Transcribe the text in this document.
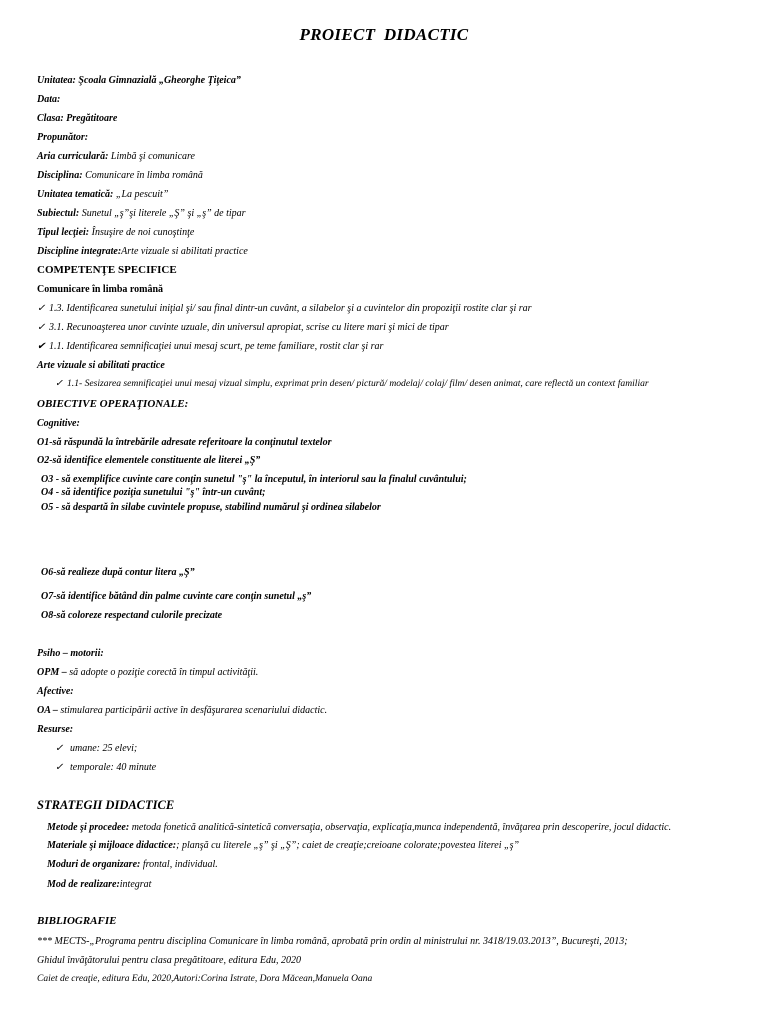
PROIECT DIDACTIC
Unitatea: Şcoala Gimnazială „Gheorghe Ţiţeica”
Data:
Clasa: Pregătitoare
Propunător:
Aria curriculară: Limbă şi comunicare
Disciplina: Comunicare în limba română
Unitatea tematică: „La pescuit”
Subiectul: Sunetul „ş”şi literele „Ş” şi „ş” de tipar
Tipul lecţiei: Însuşire de noi cunoştinţe
Discipline integrate:Arte vizuale si abilitati practice
COMPETENŢE SPECIFICE
Comunicare în limba română
✓ 1.3. Identificarea sunetului iniţial şi/ sau final dintr-un cuvânt, a silabelor şi a cuvintelor din propoziţii rostite clar şi rar
✓ 3.1. Recunoaşterea unor cuvinte uzuale, din universul apropiat, scrise cu litere mari şi mici de tipar
✔ 1.1. Identificarea semnificaţiei unui mesaj scurt, pe teme familiare, rostit clar şi rar
Arte vizuale si abilitati practice
✓ 1.1- Sesizarea semnificaţiei unui mesaj vizual simplu, exprimat prin desen/ pictură/ modelaj/ colaj/ film/ desen animat, care reflectă un context familiar
OBIECTIVE OPERAŢIONALE:
Cognitive:
O1-să răspundă la întrebările adresate referitoare la conţinutul textelor
O2-să identifice elementele constituente ale literei „Ş”
O3 - să exemplifice cuvinte care conţin sunetul "ş" la începutul, în interiorul sau la finalul cuvântului;
O4 - să identifice poziţia sunetului "ş" într-un cuvânt;
O5 - să despartă în silabe cuvintele propuse, stabilind numărul şi ordinea silabelor
O6-să realieze după contur litera „Ş”
O7-să identifice bătând din palme cuvinte care conţin sunetul „ş”
O8-să coloreze respectand culorile precizate
Psiho – motorii:
OPM – să adopte o poziţie corectă în timpul activităţii.
Afective:
OA – stimularea participării active în desfăşurarea scenariului didactic.
Resurse:
✓ umane: 25 elevi;
✓ temporale: 40 minute
STRATEGII DIDACTICE
Metode şi procedee: metoda fonetică analitică-sintetică conversaţia, observaţia, explicaţia,munca independentă, învăţarea prin descoperire, jocul didactic.
Materiale şi mijloace didactice:; planşă cu literele „ş” şi „Ş”; caiet de creaţie;creioane colorate;povestea literei „ş”
Moduri de organizare: frontal, individual.
Mod de realizare:integrat
BIBLIOGRAFIE
*** MECTS-„Programa pentru disciplina Comunicare în limba română, aprobată prin ordin al ministrului nr. 3418/19.03.2013”, Bucureşti, 2013;
Ghidul învăţătorului pentru clasa pregătitoare, editura Edu, 2020
Caiet de creaţie, editura Edu, 2020,Autori:Corina Istrate, Dora Măcean,Manuela Oana
